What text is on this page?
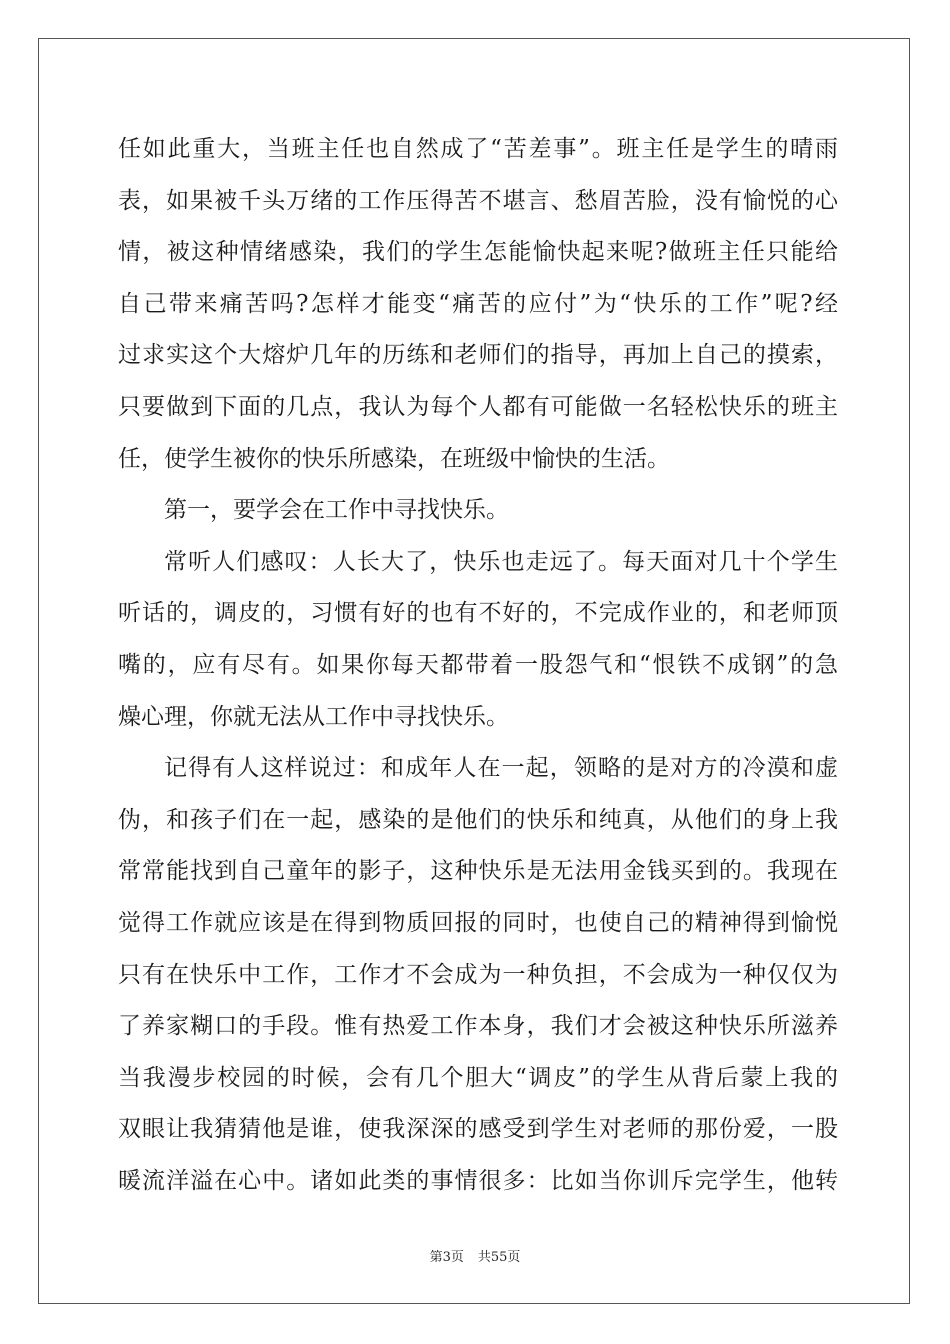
任如此重大，当班主任也自然成了“苦差事”。班主任是学生的晴雨
表，如果被千头万绪的工作压得苦不堪言、愁眉苦脸，没有愉悦的心
情，被这种情绪感染，我们的学生怎能愉快起来呢?做班主任只能给
自己带来痛苦吗?怎样才能变“痛苦的应付”为“快乐的工作”呢?经
过求实这个大熔炉几年的历练和老师们的指导，再加上自己的摸索，
只要做到下面的几点，我认为每个人都有可能做一名轻松快乐的班主
任，使学生被你的快乐所感染，在班级中愉快的生活。
第一，要学会在工作中寻找快乐。
常听人们感叹：人长大了，快乐也走远了。每天面对几十个学生
听话的，调皮的，习惯有好的也有不好的，不完成作业的，和老师顶
嘴的，应有尽有。如果你每天都带着一股怨气和“恨铁不成钢”的急
燥心理，你就无法从工作中寻找快乐。
记得有人这样说过：和成年人在一起，领略的是对方的冷漠和虚
伪，和孩子们在一起，感染的是他们的快乐和纯真，从他们的身上我
常常能找到自己童年的影子，这种快乐是无法用金钱买到的。我现在
觉得工作就应该是在得到物质回报的同时，也使自己的精神得到愉悦
只有在快乐中工作，工作才不会成为一种负担，不会成为一种仅仅为
了养家糊口的手段。惟有热爱工作本身，我们才会被这种快乐所滋养
当我漫步校园的时候，会有几个胆大“调皮”的学生从背后蒙上我的
双眼让我猜猜他是谁，使我深深的感受到学生对老师的那份爱，一股
暖流洋溢在心中。诸如此类的事情很多：比如当你训斥完学生，他转
第3页 共55页
